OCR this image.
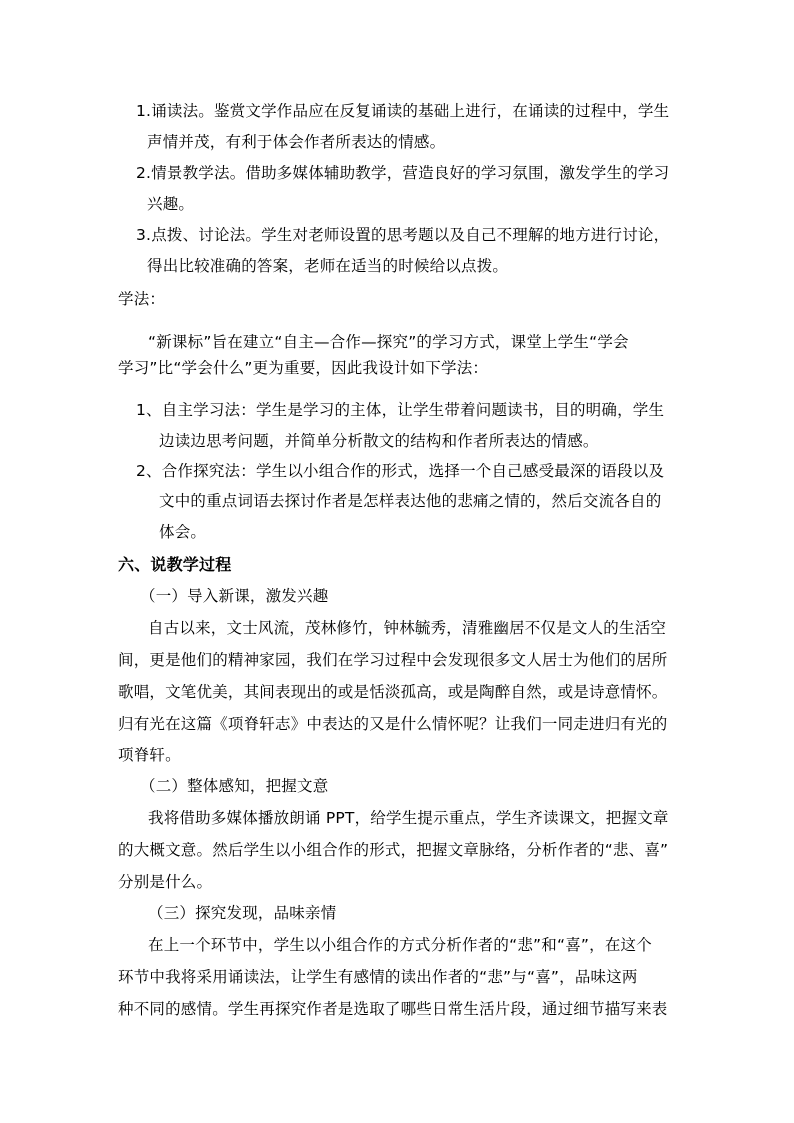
1.诵读法。鉴赏文学作品应在反复诵读的基础上进行，在诵读的过程中，学生
声情并茂，有利于体会作者所表达的情感。
2.情景教学法。借助多媒体辅助教学，营造良好的学习氛围，激发学生的学习
兴趣。
3.点拨、讨论法。学生对老师设置的思考题以及自己不理解的地方进行讨论，
得出比较准确的答案，老师在适当的时候给以点拨。
学法：
“新课标”旨在建立“自主—合作—探究”的学习方式，课堂上学生“学会
学习”比“学会什么”更为重要，因此我设计如下学法：
1、自主学习法：学生是学习的主体，让学生带着问题读书，目的明确，学生
边读边思考问题，并简单分析散文的结构和作者所表达的情感。
2、合作探究法：学生以小组合作的形式，选择一个自己感受最深的语段以及
文中的重点词语去探讨作者是怎样表达他的悲痛之情的，然后交流各自的
体会。
六、说教学过程
（一）导入新课，激发兴趣
自古以来，文士风流，茂林修竹，钟林毓秀，清雅幽居不仅是文人的生活空
间，更是他们的精神家园，我们在学习过程中会发现很多文人居士为他们的居所
歌唱，文笔优美，其间表现出的或是恬淡孤高，或是陶醉自然，或是诗意情怀。
归有光在这篇《项脊轩志》中表达的又是什么情怀呢？让我们一同走进归有光的
项脊轩。
（二）整体感知，把握文意
我将借助多媒体播放朗诵 PPT，给学生提示重点，学生齐读课文，把握文章
的大概文意。然后学生以小组合作的形式，把握文章脉络，分析作者的“悲、喜”
分别是什么。
（三）探究发现，品味亲情
在上一个环节中，学生以小组合作的方式分析作者的“悲”和“喜”，在这个
环节中我将采用诵读法，让学生有感情的读出作者的“悲”与“喜”，品味这两
种不同的感情。学生再探究作者是选取了哪些日常生活片段，通过细节描写来表
